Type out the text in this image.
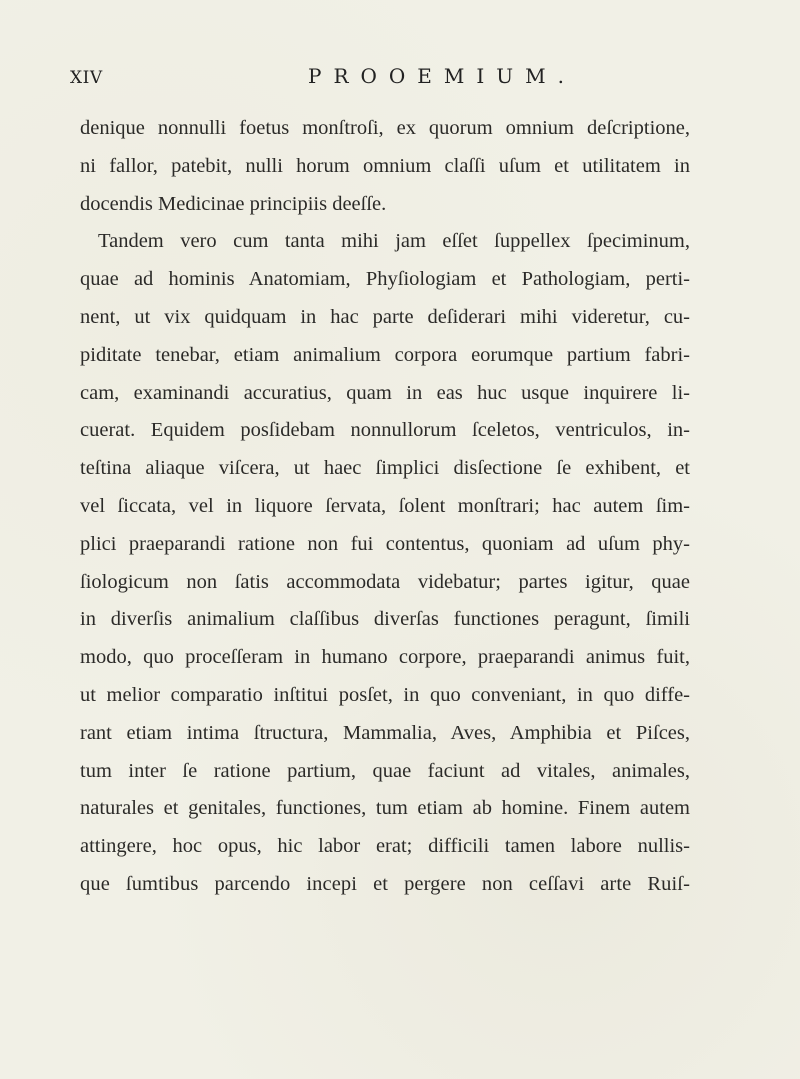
XIV	PROOEMIUM.
denique nonnulli foetus monſtroſi, ex quorum omnium deſcriptione,
ni fallor, patebit, nulli horum omnium claſſi uſum et utilitatem in
docendis Medicinae principiis deeſſe.
Tandem vero cum tanta mihi jam eſſet ſuppellex ſpeciminum,
quae ad hominis Anatomiam, Phyſiologiam et Pathologiam, perti-
nent, ut vix quidquam in hac parte deſiderari mihi videretur, cu-
piditate tenebar, etiam animalium corpora eorumque partium fabri-
cam, examinandi accuratius, quam in eas huc usque inquirere li-
cuerat. Equidem posſidebam nonnullorum ſceletos, ventriculos, in-
teſtina aliaque viſcera, ut haec ſimplici disſectione ſe exhibent, et
vel ſiccata, vel in liquore ſervata, ſolent monſtrari; hac autem ſim-
plici praeparandi ratione non fui contentus, quoniam ad uſum phy-
ſiologicum non ſatis accommodata videbatur; partes igitur, quae
in diverſis animalium claſſibus diverſas functiones peragunt, ſimili
modo, quo proceſſeram in humano corpore, praeparandi animus fuit,
ut melior comparatio inſtitui posſet, in quo conveniant, in quo diffe-
rant etiam intima ſtructura, Mammalia, Aves, Amphibia et Piſces,
tum inter ſe ratione partium, quae faciunt ad vitales, animales,
naturales et genitales, functiones, tum etiam ab homine. Finem autem
attingere, hoc opus, hic labor erat; difficili tamen labore nullis-
que ſumtibus parcendo incepi et pergere non ceſſavi arte Ruiſ-
